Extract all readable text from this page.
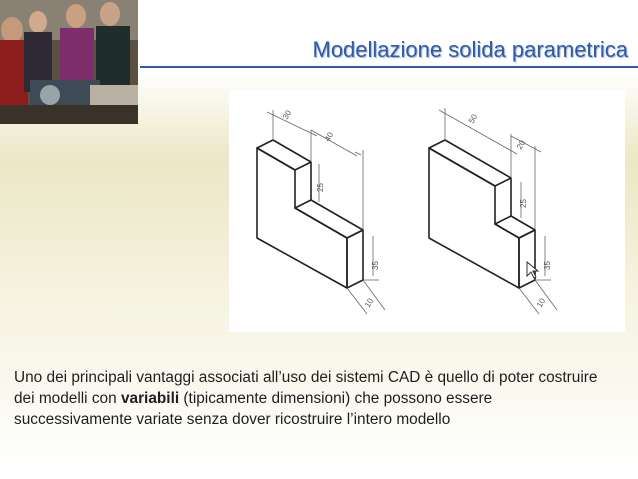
Modellazione solida parametrica
30
40
25
35
10
50
20
25
35
10
Uno dei principali vantaggi associati all’uso dei sistemi CAD è quello di poter costruire dei modelli con variabili (tipicamente dimensioni) che possono essere successivamente variate senza dover ricostruire l’intero modello
